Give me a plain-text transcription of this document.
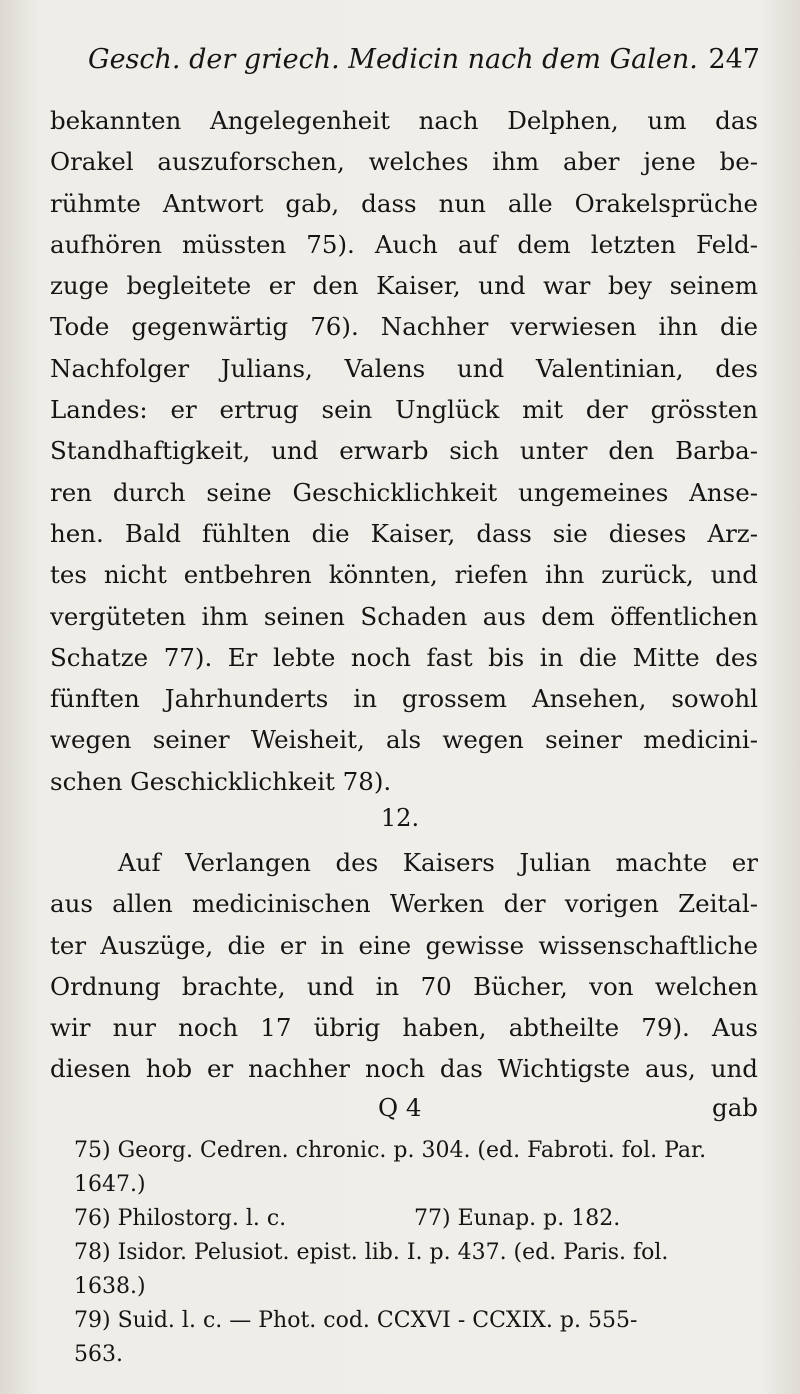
Gesch. der griech. Medicin nach dem Galen. 247
bekannten Angelegenheit nach Delphen, um das
Orakel auszuforschen, welches ihm aber jene be-
rühmte Antwort gab, dass nun alle Orakelsprüche
aufhören müssten 75). Auch auf dem letzten Feld-
zuge begleitete er den Kaiser, und war bey seinem
Tode gegenwärtig 76). Nachher verwiesen ihn die
Nachfolger Julians, Valens und Valentinian, des
Landes: er ertrug sein Unglück mit der grössten
Standhaftigkeit, und erwarb sich unter den Barba-
ren durch seine Geschicklichkeit ungemeines Anse-
hen. Bald fühlten die Kaiser, dass sie dieses Arz-
tes nicht entbehren könnten, riefen ihn zurück, und
vergüteten ihm seinen Schaden aus dem öffentlichen
Schatze 77). Er lebte noch fast bis in die Mitte des
fünften Jahrhunderts in grossem Ansehen, sowohl
wegen seiner Weisheit, als wegen seiner medicini-
schen Geschicklichkeit 78).
12.
Auf Verlangen des Kaisers Julian machte er
aus allen medicinischen Werken der vorigen Zeital-
ter Auszüge, die er in eine gewisse wissenschaftliche
Ordnung brachte, und in 70 Bücher, von welchen
wir nur noch 17 übrig haben, abtheilte 79). Aus
diesen hob er nachher noch das Wichtigste aus, und
Q 4	gab
75) Georg. Cedren. chronic. p. 304. (ed. Fabroti. fol. Par.
1647.)
76) Philostorg. l. c.	77) Eunap. p. 182.
78) Isidor. Pelusiot. epist. lib. I. p. 437. (ed. Paris. fol.
1638.)
79) Suid. l. c. — Phot. cod. CCXVI - CCXIX. p. 555-
563.
